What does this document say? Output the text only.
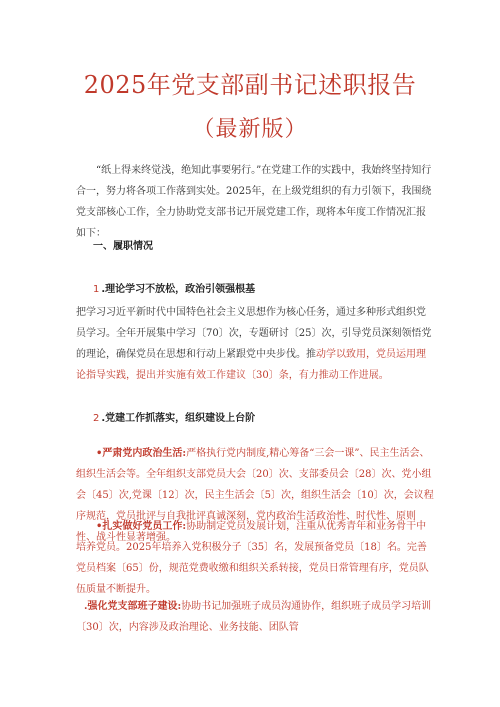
2025年党支部副书记述职报告
（最新版）
“纸上得来终觉浅，绝知此事要躬行。”在党建工作的实践中，我始终坚持知行合一，努力将各项工作落到实处。2025年，在上级党组织的有力引领下，我围绕党支部核心工作，全力协助党支部书记开展党建工作，现将本年度工作情况汇报如下：
一、履职情况
1 .理论学习不放松，政治引领强根基
把学习习近平新时代中国特色社会主义思想作为核心任务，通过多种形式组织党员学习。全年开展集中学习〔70〕次，专题研讨〔25〕次，引导党员深刻领悟党的理论，确保党员在思想和行动上紧跟党中央步伐。推动学以致用，党员运用理论指导实践，提出并实施有效工作建议〔30〕条，有力推动工作进展。
2 .党建工作抓落实，组织建设上台阶
•严肃党内政治生活:严格执行党内制度,精心筹备“三会一课”、民主生活会、组织生活会等。全年组织支部党员大会〔20〕次、支部委员会〔28〕次、党小组会〔45〕次,党课〔12〕次，民主生活会〔5〕次，组织生活会〔10〕次，会议程序规范，党员批评与自我批评真诚深刻，党内政治生活政治性、时代性、原则性、战斗性显著增强。
•扎实做好党员工作:协助制定党员发展计划，注重从优秀青年和业务骨干中培养党员。2025年培养入党积极分子〔35〕名，发展预备党员〔18〕名。完善党员档案〔65〕份，规范党费收缴和组织关系转接，党员日常管理有序，党员队伍质量不断提升。
.强化党支部班子建设:协助书记加强班子成员沟通协作，组织班子成员学习培训〔30〕次，内容涉及政治理论、业务技能、团队管
